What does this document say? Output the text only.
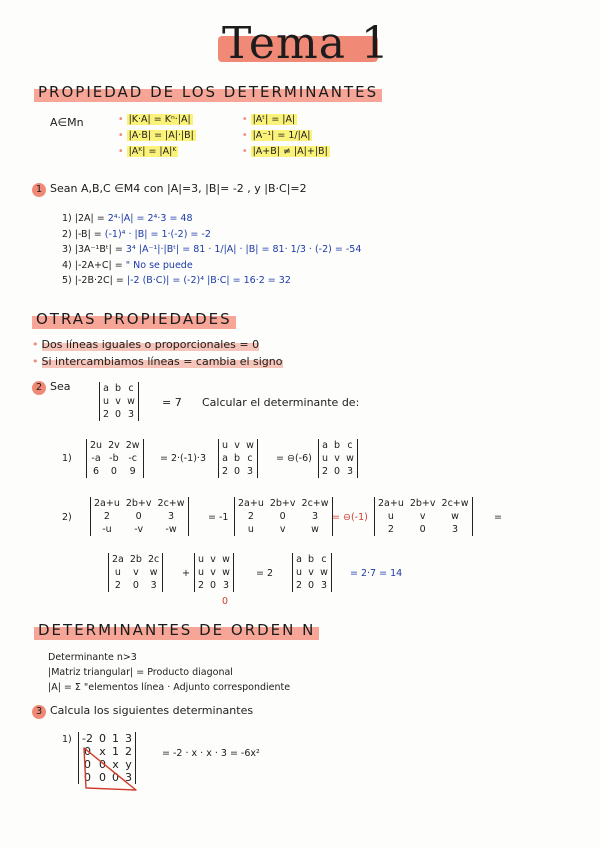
Tema 1
PROPIEDAD DE LOS DETERMINANTES
A∈Mn	• |K·A| = Kⁿ·|A|
• |A·B| = |A|·|B|
• |Aᴷ| = |A|ᴷ
• |Aᵗ| = |A|
• |A⁻¹| = 1/|A|
• |A+B| ≠ |A|+|B|
1 Sean A,B,C ∈M4 con |A|=3, |B|= -2 , y |B·C|=2
1) |2A| = 2⁴·|A| = 2⁴·3 = 48
2) |-B| = (-1)⁴ · |B| = 1·(-2) = -2
3) |3A⁻¹Bᵗ| = 3⁴ |A⁻¹|·|Bᵗ| = 81 · 1/|A| · |B| = 81· 1/3 · (-2) = -54
4) |-2A+C| = " No se puede
5) |-2B·2C| = |-2 (B·C)| = (-2)⁴ |B·C| = 16·2 = 32
OTRAS PROPIEDADES
• Dos líneas iguales o proporcionales = 0
• Si intercambiamos líneas = cambia el signo
2 Sea	a	b	c
u	v	w
2	0	3
= 7 Calcular el determinante de:
1)
2u	2v	2w
-a	-b	-c
6	0	9
= 2·(-1)·3
u	v	w
a	b	c
2	0	3
= ⊖(-6)
a	b	c
u	v	w
2	0	3
2)
2a+u	2b+v	2c+w
2	0	3
-u	-v	-w
= -1
2a+u	2b+v	2c+w
2	0	3
u	v	w
= ⊖(-1)
2a+u	2b+v	2c+w
u	v	w
2	0	3
=
2a	2b	2c
u	v	w
2	0	3
+
u	v	w
u	v	w
2	0	3
0
= 2
a	b	c
u	v	w
2	0	3
= 2·7 = 14
DETERMINANTES DE ORDEN N
Determinante n>3
|Matriz triangular| = Producto diagonal
|A| = Σ "elementos línea · Adjunto correspondiente
3 Calcula los siguientes determinantes
1) -2	0	1	3
0	x	1	2
0	0	x	y
0	0	0	3
= -2 · x · x · 3 = -6x²
